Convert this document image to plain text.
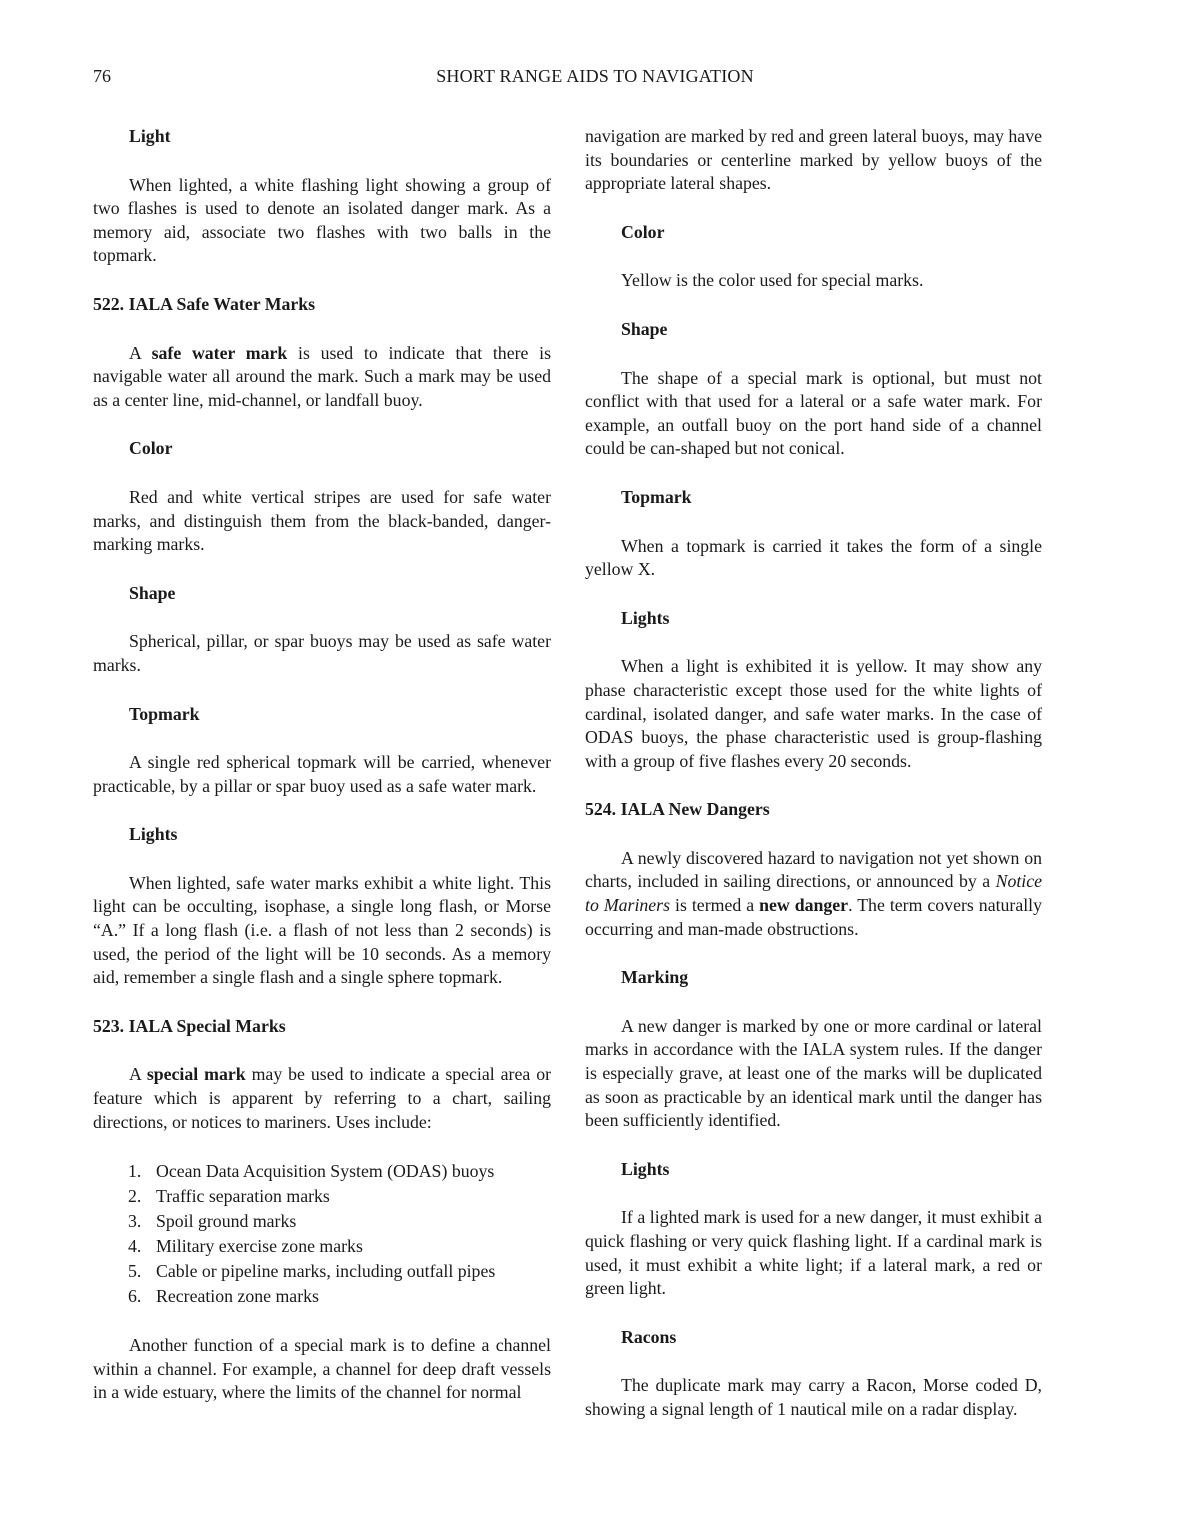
76	SHORT RANGE AIDS TO NAVIGATION
Light

When lighted, a white flashing light showing a group of two flashes is used to denote an isolated danger mark. As a memory aid, associate two flashes with two balls in the topmark.

522. IALA Safe Water Marks

A safe water mark is used to indicate that there is navigable water all around the mark. Such a mark may be used as a center line, mid-channel, or landfall buoy.

Color

Red and white vertical stripes are used for safe water marks, and distinguish them from the black-banded, danger-marking marks.

Shape

Spherical, pillar, or spar buoys may be used as safe water marks.

Topmark

A single red spherical topmark will be carried, whenever practicable, by a pillar or spar buoy used as a safe water mark.

Lights

When lighted, safe water marks exhibit a white light. This light can be occulting, isophase, a single long flash, or Morse “A.” If a long flash (i.e. a flash of not less than 2 seconds) is used, the period of the light will be 10 seconds. As a memory aid, remember a single flash and a single sphere topmark.

523. IALA Special Marks

A special mark may be used to indicate a special area or feature which is apparent by referring to a chart, sailing directions, or notices to mariners. Uses include:

1. Ocean Data Acquisition System (ODAS) buoys
2. Traffic separation marks
3. Spoil ground marks
4. Military exercise zone marks
5. Cable or pipeline marks, including outfall pipes
6. Recreation zone marks

Another function of a special mark is to define a channel within a channel. For example, a channel for deep draft vessels in a wide estuary, where the limits of the channel for normal

navigation are marked by red and green lateral buoys, may have its boundaries or centerline marked by yellow buoys of the appropriate lateral shapes.

Color

Yellow is the color used for special marks.

Shape

The shape of a special mark is optional, but must not conflict with that used for a lateral or a safe water mark. For example, an outfall buoy on the port hand side of a channel could be can-shaped but not conical.

Topmark

When a topmark is carried it takes the form of a single yellow X.

Lights

When a light is exhibited it is yellow. It may show any phase characteristic except those used for the white lights of cardinal, isolated danger, and safe water marks. In the case of ODAS buoys, the phase characteristic used is group-flashing with a group of five flashes every 20 seconds.

524. IALA New Dangers

A newly discovered hazard to navigation not yet shown on charts, included in sailing directions, or announced by a Notice to Mariners is termed a new danger. The term covers naturally occurring and man-made obstructions.

Marking

A new danger is marked by one or more cardinal or lateral marks in accordance with the IALA system rules. If the danger is especially grave, at least one of the marks will be duplicated as soon as practicable by an identical mark until the danger has been sufficiently identified.

Lights

If a lighted mark is used for a new danger, it must exhibit a quick flashing or very quick flashing light. If a cardinal mark is used, it must exhibit a white light; if a lateral mark, a red or green light.

Racons

The duplicate mark may carry a Racon, Morse coded D, showing a signal length of 1 nautical mile on a radar display.
